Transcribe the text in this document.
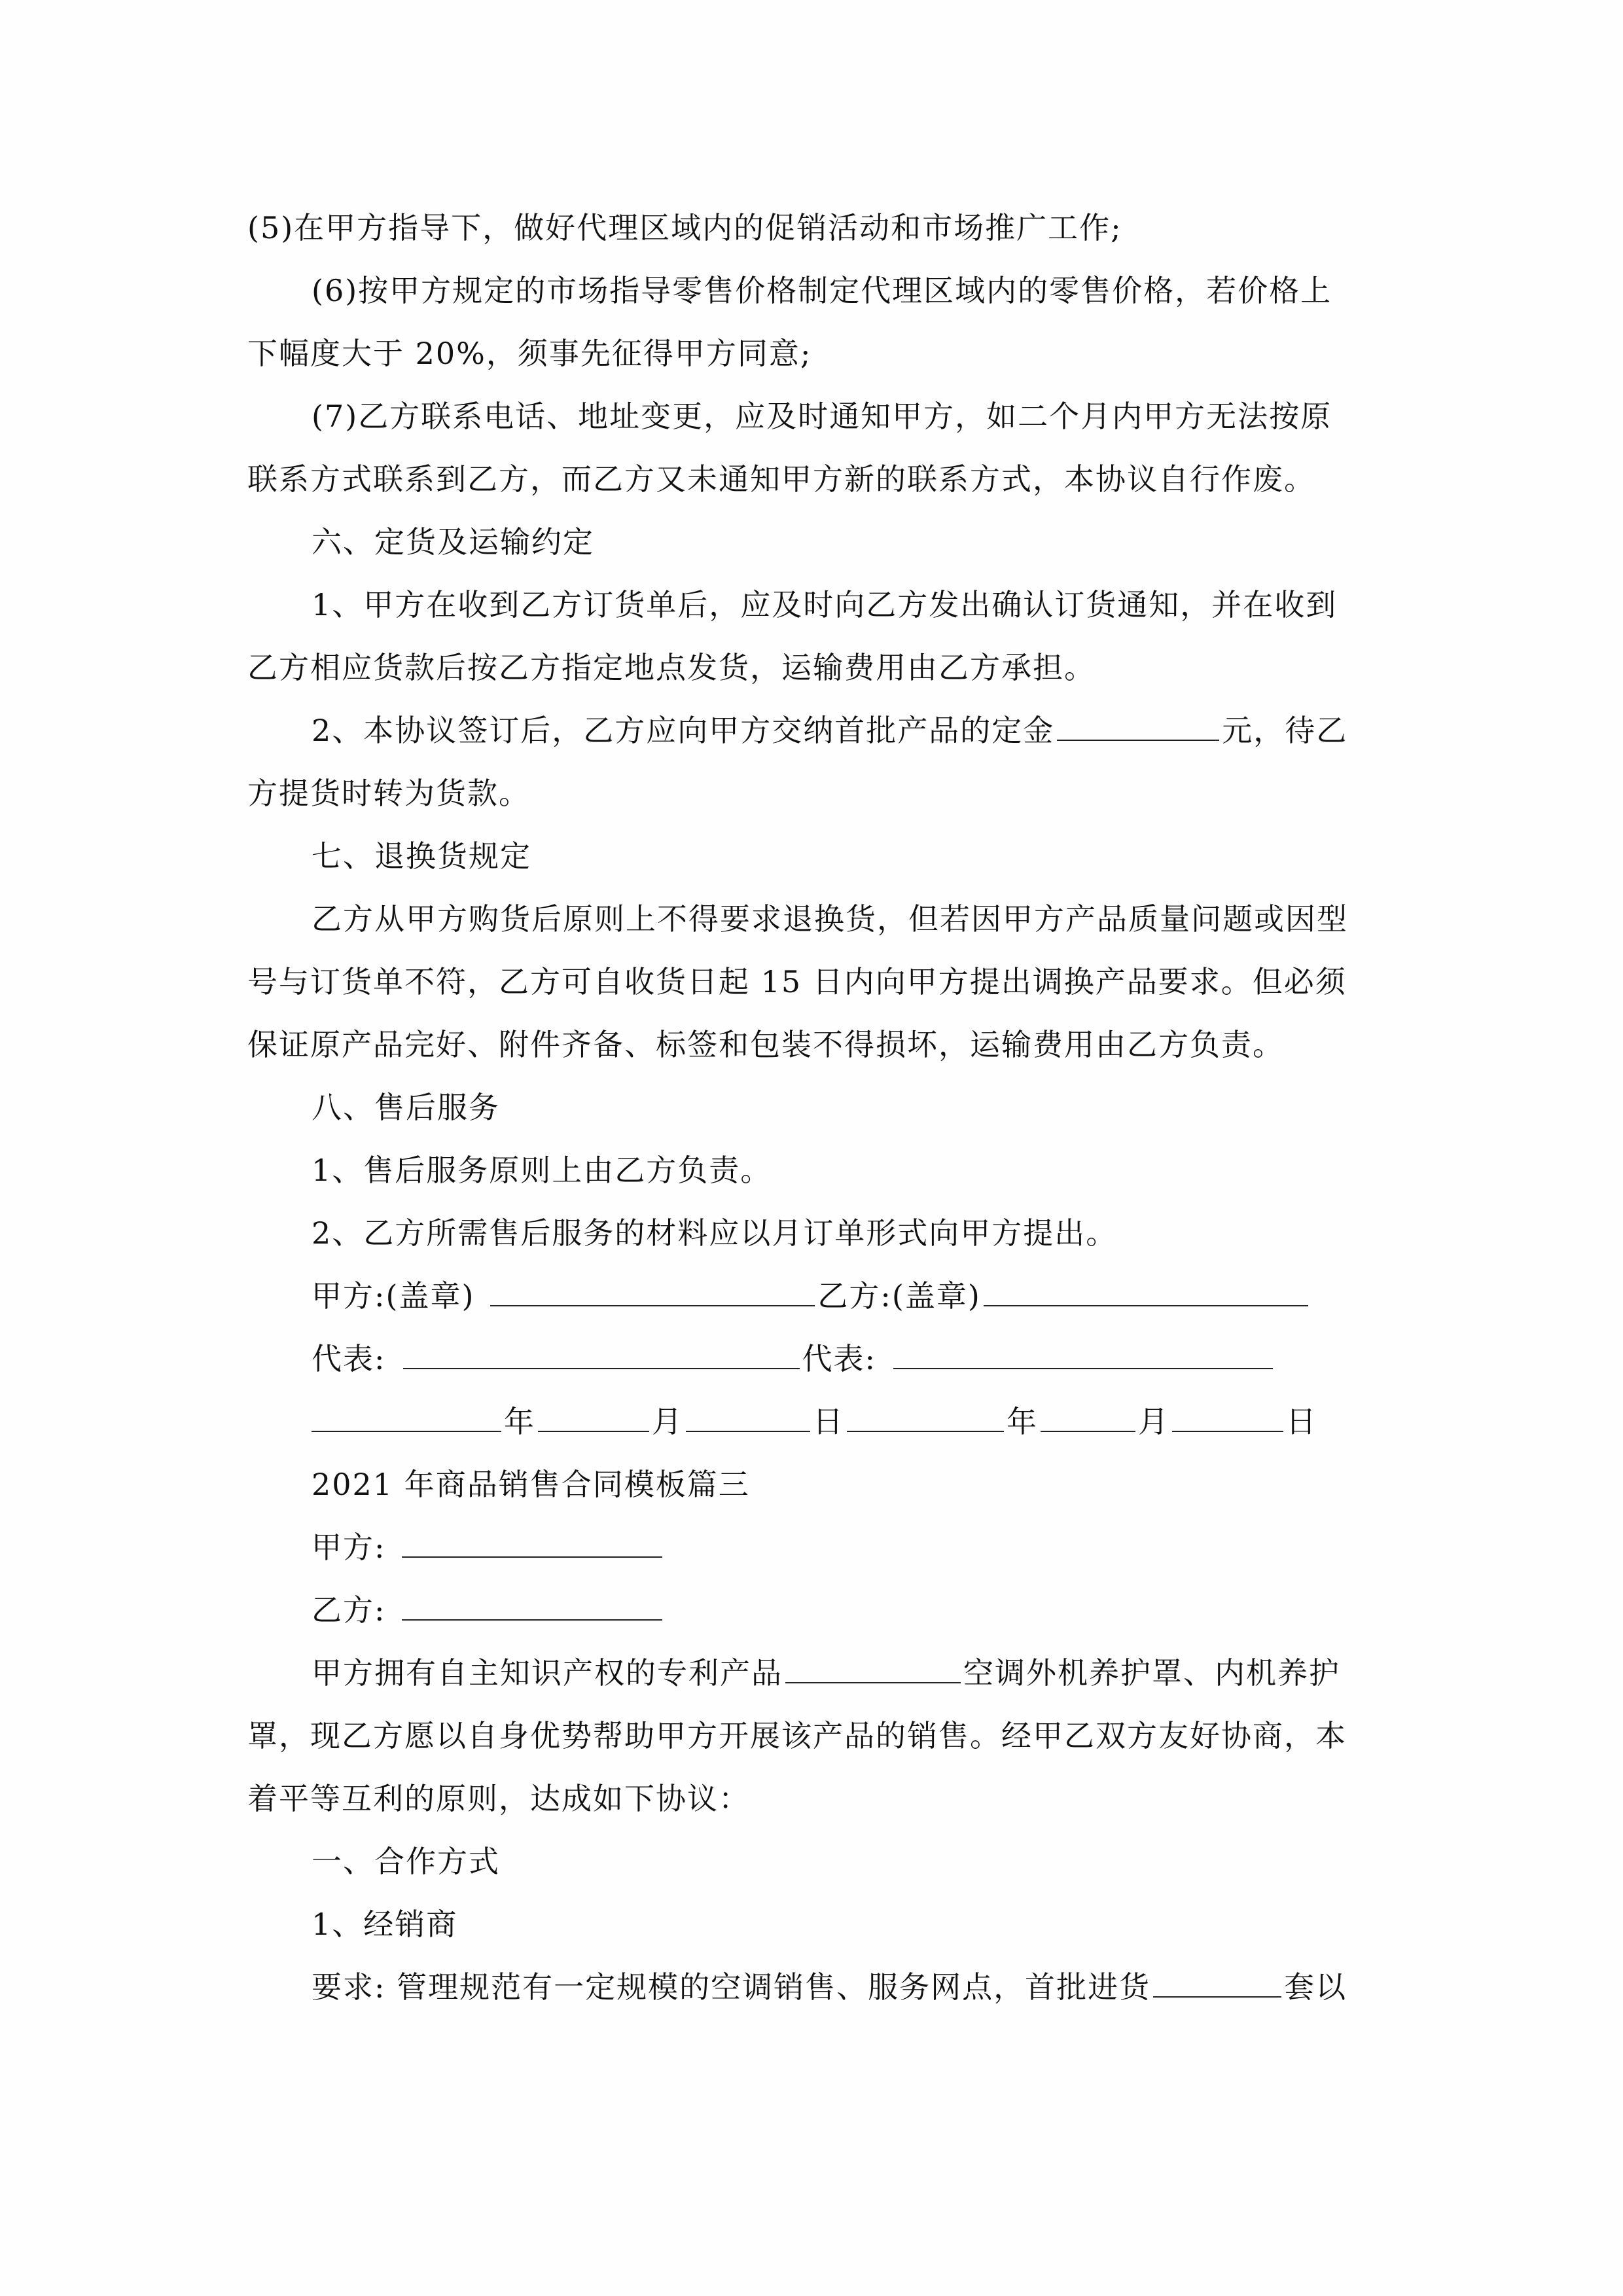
(5)在甲方指导下，做好代理区域内的促销活动和市场推广工作;
(6)按甲方规定的市场指导零售价格制定代理区域内的零售价格，若价格上
下幅度大于 20%，须事先征得甲方同意;
(7)乙方联系电话、地址变更，应及时通知甲方，如二个月内甲方无法按原
联系方式联系到乙方，而乙方又未通知甲方新的联系方式，本协议自行作废。
六、定货及运输约定
1、甲方在收到乙方订货单后，应及时向乙方发出确认订货通知，并在收到
乙方相应货款后按乙方指定地点发货，运输费用由乙方承担。
2、本协议签订后，乙方应向甲方交纳首批产品的定金	元，待乙
方提货时转为货款。
七、退换货规定
乙方从甲方购货后原则上不得要求退换货，但若因甲方产品质量问题或因型
号与订货单不符，乙方可自收货日起 15 日内向甲方提出调换产品要求。但必须
保证原产品完好、附件齐备、标签和包装不得损坏，运输费用由乙方负责。
八、售后服务
1、售后服务原则上由乙方负责。
2、乙方所需售后服务的材料应以月订单形式向甲方提出。
甲方:(盖章)	乙方:(盖章)
代表:	代表:
年	月	日	年	月	日
2021 年商品销售合同模板篇三
甲方:
乙方:
甲方拥有自主知识产权的专利产品	空调外机养护罩、内机养护
罩，现乙方愿以自身优势帮助甲方开展该产品的销售。经甲乙双方友好协商，本
着平等互利的原则，达成如下协议：
一、合作方式
1、经销商
要求: 管理规范有一定规模的空调销售、服务网点，首批进货	套以
